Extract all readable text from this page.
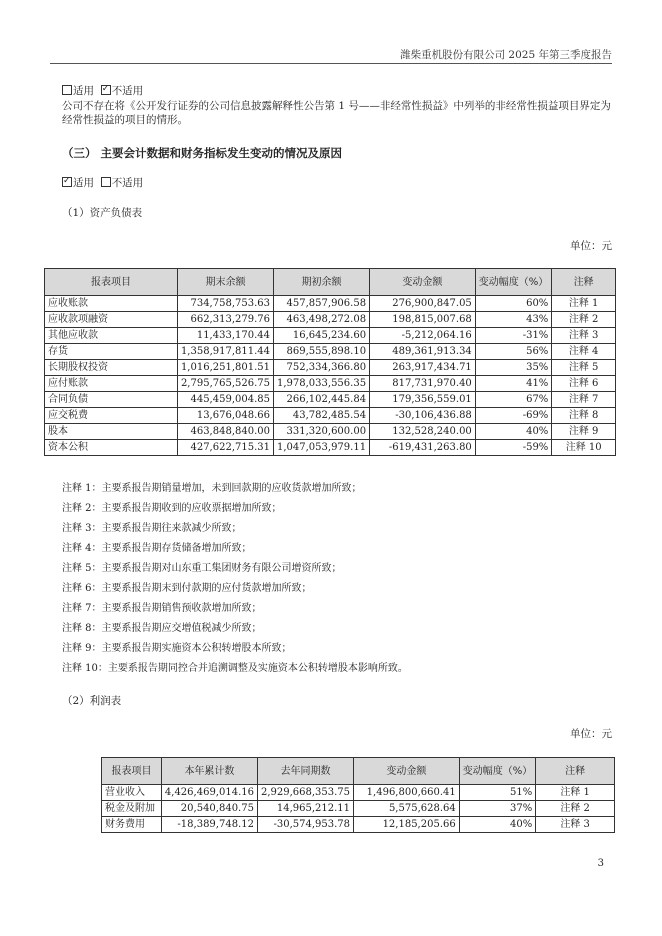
潍柴重机股份有限公司 2025 年第三季度报告
适用 ✓ 不适用
公司不存在将《公开发行证券的公司信息披露解释性公告第 1 号——非经常性损益》中列举的非经常性损益项目界定为
经常性损益的项目的情形。
（三） 主要会计数据和财务指标发生变动的情况及原因
✓适用 不适用
（1）资产负债表
单位：元
报表项目	期末余额	期初余额	变动金额	变动幅度（%）	注释
应收账款	734,758,753.63	457,857,906.58	276,900,847.05	60%	注释 1
应收款项融资	662,313,279.76	463,498,272.08	198,815,007.68	43%	注释 2
其他应收款	11,433,170.44	16,645,234.60	-5,212,064.16	-31%	注释 3
存货	1,358,917,811.44	869,555,898.10	489,361,913.34	56%	注释 4
长期股权投资	1,016,251,801.51	752,334,366.80	263,917,434.71	35%	注释 5
应付账款	2,795,765,526.75	1,978,033,556.35	817,731,970.40	41%	注释 6
合同负债	445,459,004.85	266,102,445.84	179,356,559.01	67%	注释 7
应交税费	13,676,048.66	43,782,485.54	-30,106,436.88	-69%	注释 8
股本	463,848,840.00	331,320,600.00	132,528,240.00	40%	注释 9
资本公积	427,622,715.31	1,047,053,979.11	-619,431,263.80	-59%	注释 10
注释 1：主要系报告期销量增加，未到回款期的应收货款增加所致；
注释 2：主要系报告期收到的应收票据增加所致；
注释 3：主要系报告期往来款减少所致；
注释 4：主要系报告期存货储备增加所致；
注释 5：主要系报告期对山东重工集团财务有限公司增资所致；
注释 6：主要系报告期末到付款期的应付货款增加所致；
注释 7：主要系报告期销售预收款增加所致；
注释 8：主要系报告期应交增值税减少所致；
注释 9：主要系报告期实施资本公积转增股本所致；
注释 10：主要系报告期同控合并追溯调整及实施资本公积转增股本影响所致。
（2）利润表
单位：元
报表项目	本年累计数	去年同期数	变动金额	变动幅度（%）	注释
营业收入	4,426,469,014.16	2,929,668,353.75	1,496,800,660.41	51%	注释 1
税金及附加	20,540,840.75	14,965,212.11	5,575,628.64	37%	注释 2
财务费用	-18,389,748.12	-30,574,953.78	12,185,205.66	40%	注释 3
3
